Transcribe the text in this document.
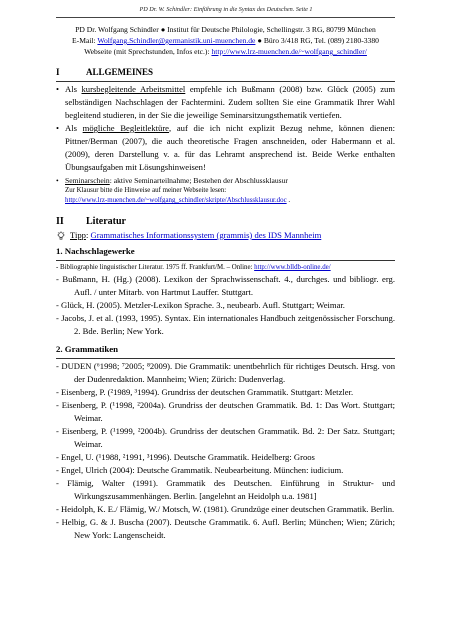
PD Dr. W. Schindler: Einführung in die Syntax des Deutschen. Seite 1
PD Dr. Wolfgang Schindler ● Institut für Deutsche Philologie, Schellingstr. 3 RG, 80799 München
E-Mail: Wolfgang.Schindler@germanistik.uni-muenchen.de ● Büro 3/418 RG, Tel. (089) 2180-3380
Webseite (mit Sprechstunden, Infos etc.): http://www.lrz-muenchen.de/~wolfgang_schindler/
I	ALLGEMEINES
• Als kursbegleitende Arbeitsmittel empfehle ich Bußmann (2008) bzw. Glück (2005) zum selbständigen Nachschlagen der Fachtermini. Zudem sollten Sie eine Grammatik Ihrer Wahl begleitend studieren, in der Sie die jeweilige Seminarsitzungsthematik vertiefen.
• Als mögliche Begleitlektüre, auf die ich nicht explizit Bezug nehme, können dienen: Pittner/Berman (2007), die auch theoretische Fragen anschneiden, oder Habermann et al. (2009), deren Darstellung v. a. für das Lehramt ansprechend ist. Beide Werke enthalten Übungsaufgaben mit Lösungshinweisen!
• Seminarschein: aktive Seminarteilnahme; Bestehen der Abschlussklausur
Zur Klausur bitte die Hinweise auf meiner Webseite lesen:
http://www.lrz-muenchen.de/~wolfgang_schindler/skripte/Abschlussklausur.doc .
II	Literatur
Tipp: Grammatisches Informationssystem (grammis) des IDS Mannheim
1. Nachschlagewerke
- Bibliographie linguistischer Literatur. 1975 ff. Frankfurt/M. – Online: http://www.blldb-online.de/
- Bußmann, H. (Hg.) (2008). Lexikon der Sprachwissenschaft. 4., durchges. und bibliogr. erg. Aufl. / unter Mitarb. von Hartmut Lauffer. Stuttgart.
- Glück, H. (2005). Metzler-Lexikon Sprache. 3., neubearb. Aufl. Stuttgart; Weimar.
- Jacobs, J. et al. (1993, 1995). Syntax. Ein internationales Handbuch zeitgenössischer Forschung. 2. Bde. Berlin; New York.
2. Grammatiken
- DUDEN (⁶1998; ⁷2005; ⁸2009). Die Grammatik: unentbehrlich für richtiges Deutsch. Hrsg. von der Dudenredaktion. Mannheim; Wien; Zürich: Dudenverlag.
- Eisenberg, P. (²1989, ³1994). Grundriss der deutschen Grammatik. Stuttgart: Metzler.
- Eisenberg, P. (¹1998, ²2004a). Grundriss der deutschen Grammatik. Bd. 1: Das Wort. Stuttgart; Weimar.
- Eisenberg, P. (¹1999, ²2004b). Grundriss der deutschen Grammatik. Bd. 2: Der Satz. Stuttgart; Weimar.
- Engel, U. (¹1988, ²1991, ³1996). Deutsche Grammatik. Heidelberg: Groos
- Engel, Ulrich (2004): Deutsche Grammatik. Neubearbeitung. München: iudicium.
- Flämig, Walter (1991). Grammatik des Deutschen. Einführung in Struktur- und Wirkungszusammenhängen. Berlin. [angelehnt an Heidolph u.a. 1981]
- Heidolph, K. E./ Flämig, W./ Motsch, W. (1981). Grundzüge einer deutschen Grammatik. Berlin.
- Helbig, G. & J. Buscha (2007). Deutsche Grammatik. 6. Aufl. Berlin; München; Wien; Zürich; New York: Langenscheidt.
